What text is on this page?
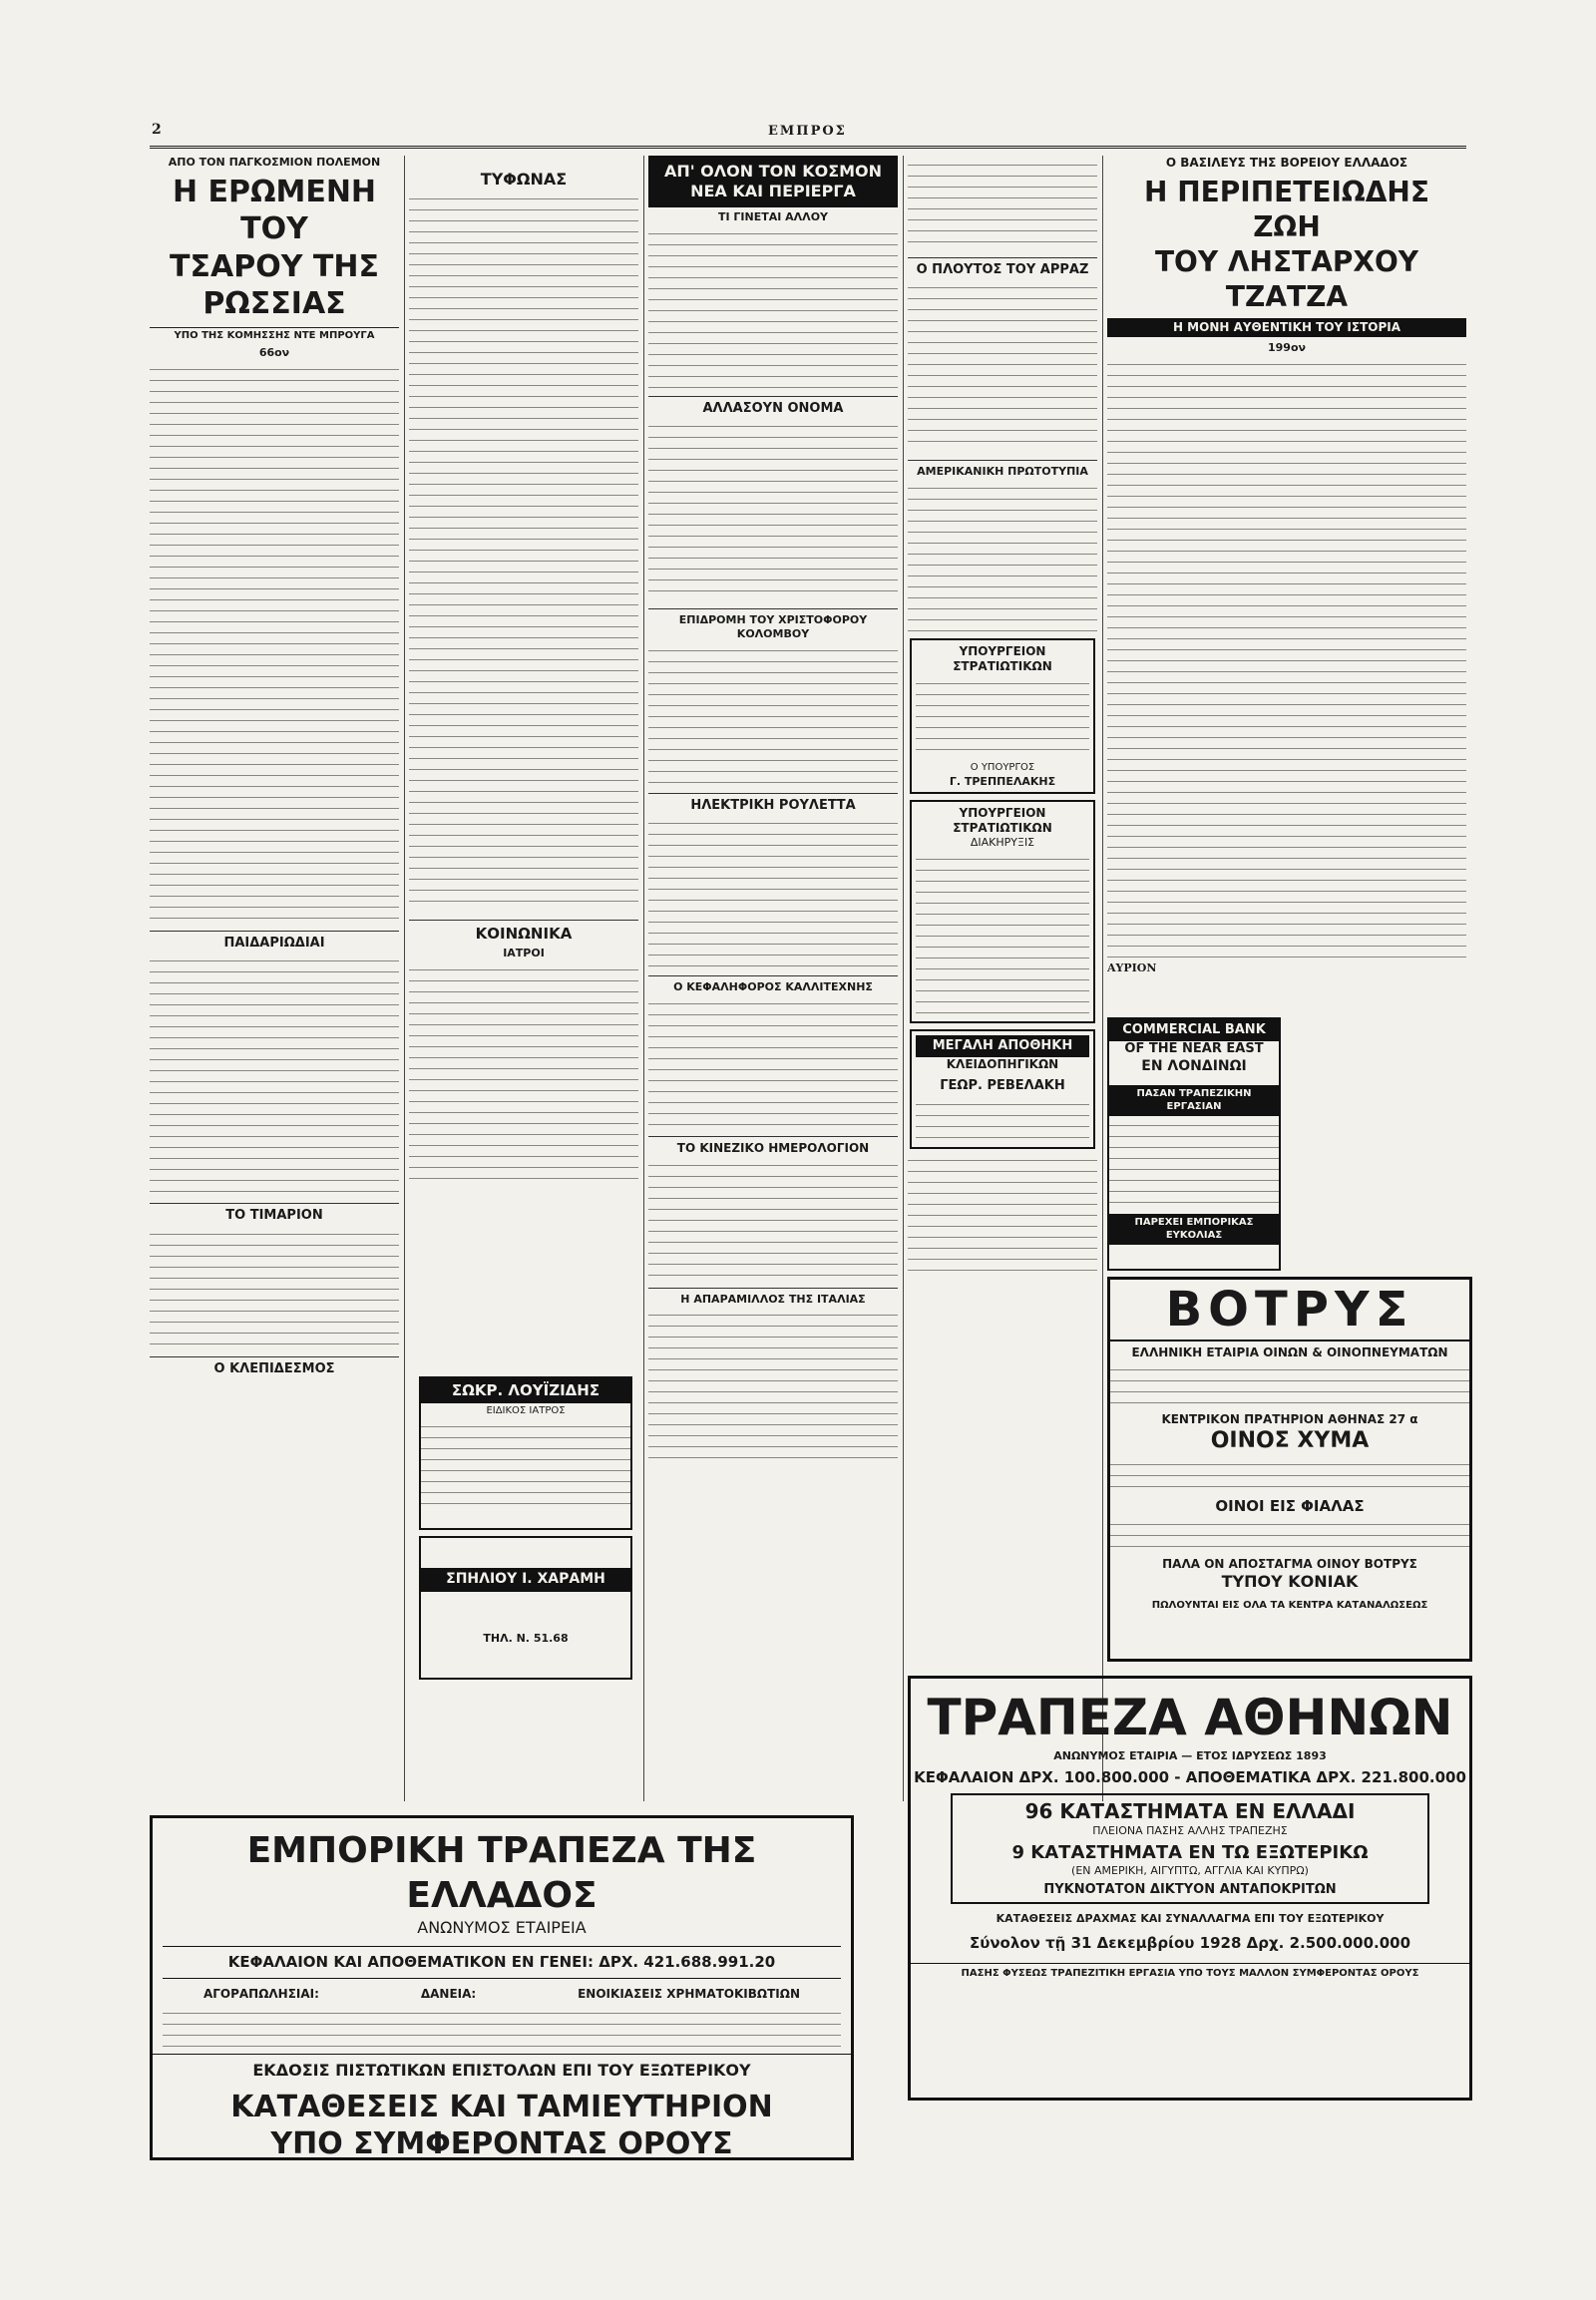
2	ΕΜΠΡΟΣ
ΑΠΟ ΤΟΝ ΠΑΓΚΟΣΜΙΟΝ ΠΟΛΕΜΟΝ
Η ΕΡΩΜΕΝΗ ΤΟΥ
ΤΣΑΡΟΥ ΤΗΣ ΡΩΣΣΙΑΣ
ΥΠΟ ΤΗΣ ΚΟΜΗΣΣΗΣ ΝΤΕ ΜΠΡΟΥΓΑ
66ον
ΠΑΙΔΑΡΙΩΔΙΑΙ
ΤΟ ΤΙΜΑΡΙΟΝ
Ο ΚΛΕΠΙΔΕΣΜΟΣ
ΤΥΦΩΝΑΣ
ΚΟΙΝΩΝΙΚΑ
ΙΑΤΡΟΙ
ΣΩΚΡ. ΛΟΥΪΖΙΔΗΣ
ΕΙΔΙΚΟΣ ΙΑΤΡΟΣ
ΣΠΗΛΙΟΥ Ι. ΧΑΡΑΜΗ
ΤΗΛ. Ν. 51.68
ΑΠ' ΟΛΟΝ ΤΟΝ ΚΟΣΜΟΝ
ΝΕΑ ΚΑΙ ΠΕΡΙΕΡΓΑ
ΤΙ ΓΙΝΕΤΑΙ ΑΛΛΟΥ
ΑΛΛΑΣΟΥΝ ΟΝΟΜΑ
ΕΠΙΔΡΟΜΗ ΤΟΥ ΧΡΙΣΤΟΦΟΡΟΥ ΚΟΛΟΜΒΟΥ
ΗΛΕΚΤΡΙΚΗ ΡΟΥΛΕΤΤΑ
Ο ΚΕΦΑΛΗΦΟΡΟΣ ΚΑΛΛΙΤΕΧΝΗΣ
ΤΟ ΚΙΝΕΖΙΚΟ ΗΜΕΡΟΛΟΓΙΟΝ
Η ΑΠΑΡΑΜΙΛΛΟΣ ΤΗΣ ΙΤΑΛΙΑΣ
Ο ΠΛΟΥΤΟΣ ΤΟΥ ΑΡΡΑΖ
ΑΜΕΡΙΚΑΝΙΚΗ ΠΡΩΤΟΤΥΠΙΑ
ΥΠΟΥΡΓΕΙΟΝ ΣΤΡΑΤΙΩΤΙΚΩΝ
Ο ΥΠΟΥΡΓΟΣ
Γ. ΤΡΕΠΠΕΛΑΚΗΣ
ΥΠΟΥΡΓΕΙΟΝ ΣΤΡΑΤΙΩΤΙΚΩΝ
ΔΙΑΚΗΡΥΞΙΣ
ΜΕΓΑΛΗ ΑΠΟΘΗΚΗ
ΚΛΕΙΔΟΠΗΓΙΚΩΝ
ΓΕΩΡ. ΡΕΒΕΛΑΚΗ
Ο ΒΑΣΙΛΕΥΣ ΤΗΣ ΒΟΡΕΙΟΥ ΕΛΛΑΔΟΣ
Η ΠΕΡΙΠΕΤΕΙΩΔΗΣ ΖΩΗ
ΤΟΥ ΛΗΣΤΑΡΧΟΥ ΤΖΑΤΖΑ
Η ΜΟΝΗ ΑΥΘΕΝΤΙΚΗ ΤΟΥ ΙΣΤΟΡΙΑ
199ον
ΑΥΡΙΟΝ
COMMERCIAL BANK
OF THE NEAR EAST
ΕΝ ΛΟΝΔΙΝΩΙ
ΠΑΣΑΝ ΤΡΑΠΕΖΙΚΗΝ ΕΡΓΑΣΙΑΝ
ΠΑΡΕΧΕΙ ΕΜΠΟΡΙΚΑΣ ΕΥΚΟΛΙΑΣ
ΒΟΤΡΥΣ
ΕΛΛΗΝΙΚΗ ΕΤΑΙΡΙΑ ΟΙΝΩΝ & ΟΙΝΟΠΝΕΥΜΑΤΩΝ
ΚΕΝΤΡΙΚΟΝ ΠΡΑΤΗΡΙΟΝ ΑΘΗΝΑΣ 27 α
ΟΙΝΟΣ ΧΥΜΑ
ΟΙΝΟΙ ΕΙΣ ΦΙΑΛΑΣ
ΠΑΛΑ ΟΝ ΑΠΟΣΤΑΓΜΑ ΟΙΝΟΥ ΒΟΤΡΥΣ
ΤΥΠΟΥ ΚΟΝΙΑΚ
ΠΩΛΟΥΝΤΑΙ ΕΙΣ ΟΛΑ ΤΑ ΚΕΝΤΡΑ ΚΑΤΑΝΑΛΩΣΕΩΣ
ΕΜΠΟΡΙΚΗ ΤΡΑΠΕΖΑ ΤΗΣ ΕΛΛΑΔΟΣ
ΑΝΩΝΥΜΟΣ ΕΤΑΙΡΕΙΑ
ΚΕΦΑΛΑΙΟΝ ΚΑΙ ΑΠΟΘΕΜΑΤΙΚΟΝ ΕΝ ΓΕΝΕΙ: ΔΡΧ. 421.688.991.20
ΑΓΟΡΑΠΩΛΗΣΙΑΙ:	ΔΑΝΕΙΑ:	ΕΝΟΙΚΙΑΣΕΙΣ ΧΡΗΜΑΤΟΚΙΒΩΤΙΩΝ
ΕΚΔΟΣΙΣ ΠΙΣΤΩΤΙΚΩΝ ΕΠΙΣΤΟΛΩΝ ΕΠΙ ΤΟΥ ΕΞΩΤΕΡΙΚΟΥ
ΚΑΤΑΘΕΣΕΙΣ ΚΑΙ ΤΑΜΙΕΥΤΗΡΙΟΝ
ΥΠΟ ΣΥΜΦΕΡΟΝΤΑΣ ΟΡΟΥΣ
ΤΡΑΠΕΖΑ ΑΘΗΝΩΝ
ΑΝΩΝΥΜΟΣ ΕΤΑΙΡΙΑ — ΕΤΟΣ ΙΔΡΥΣΕΩΣ 1893
ΚΕΦΑΛΑΙΟΝ ΔΡΧ. 100.800.000 - ΑΠΟΘΕΜΑΤΙΚΑ ΔΡΧ. 221.800.000
96 ΚΑΤΑΣΤΗΜΑΤΑ ΕΝ ΕΛΛΑΔΙ
ΠΛΕΙΟΝΑ ΠΑΣΗΣ ΑΛΛΗΣ ΤΡΑΠΕΖΗΣ
9 ΚΑΤΑΣΤΗΜΑΤΑ ΕΝ ΤΩ ΕΞΩΤΕΡΙΚΩ
(ΕΝ ΑΜΕΡΙΚΗ, ΑΙΓΥΠΤΩ, ΑΓΓΛΙΑ ΚΑΙ ΚΥΠΡΩ)
ΠΥΚΝΟΤΑΤΟΝ ΔΙΚΤΥΟΝ ΑΝΤΑΠΟΚΡΙΤΩΝ
ΚΑΤΑΘΕΣΕΙΣ ΔΡΑΧΜΑΣ ΚΑΙ ΣΥΝΑΛΛΑΓΜΑ ΕΠΙ ΤΟΥ ΕΞΩΤΕΡΙΚΟΥ
Σύνολον τῇ 31 Δεκεμβρίου 1928 Δρχ. 2.500.000.000
ΠΑΣΗΣ ΦΥΣΕΩΣ ΤΡΑΠΕΖΙΤΙΚΗ ΕΡΓΑΣΙΑ ΥΠΟ ΤΟΥΣ ΜΑΛΛΟΝ ΣΥΜΦΕΡΟΝΤΑΣ ΟΡΟΥΣ
